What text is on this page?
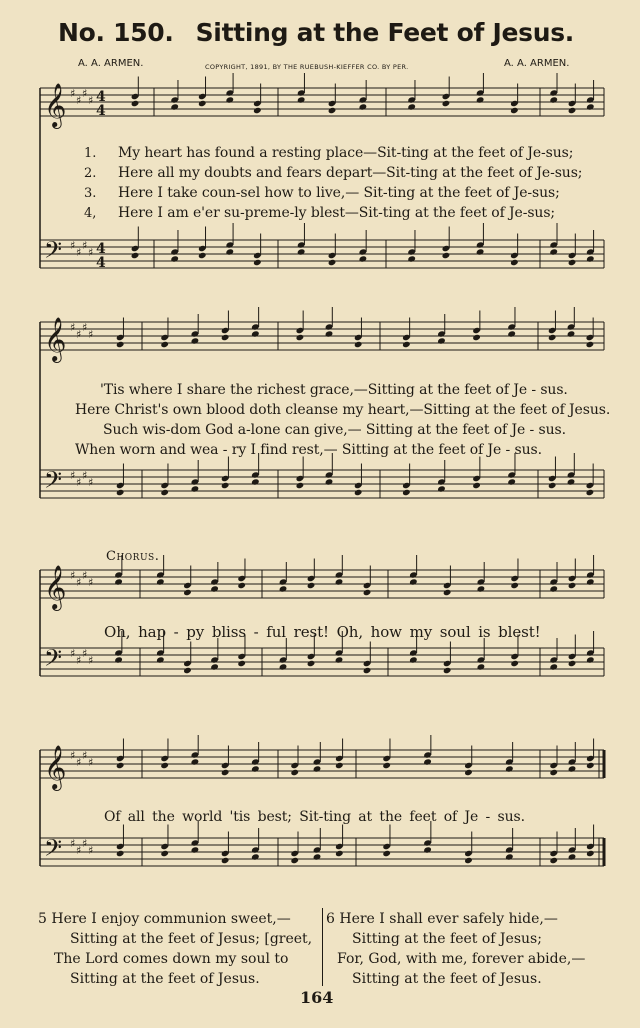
No. 150. Sitting at the Feet of Jesus.
A. A. ARMEN.	COPYRIGHT, 1891, BY THE RUEBUSH-KIEFFER CO. BY PER.	A. A. ARMEN.
𝄞 ♯
♯
♯
♯ 4
4
𝄢 ♯
♯
♯
♯ 4
4
𝄞 ♯
♯
♯
♯
𝄢 ♯
♯
♯
♯
𝄞 ♯
♯
♯
♯
𝄢 ♯
♯
♯
♯
𝄞 ♯
♯
♯
♯
𝄢 ♯
♯
♯
♯
1.
2.
3.
4,
My heart has found a resting place—Sit-ting at the feet of Je-sus;
Here all my doubts and fears depart—Sit-ting at the feet of Je-sus;
Here I take coun-sel how to live,— Sit-ting at the feet of Je-sus;
Here I am e'er su-preme-ly blest—Sit-ting at the feet of Je-sus;
'Tis where I share the richest grace,—Sitting at the feet of Je - sus.
Here Christ's own blood doth cleanse my heart,—Sitting at the feet of Jesus.
Such wis-dom God a-lone can give,— Sitting at the feet of Je - sus.
When worn and wea - ry I find rest,— Sitting at the feet of Je - sus.
Chorus.
Oh, hap - py bliss - ful rest! Oh, how my soul is blest!
Of all the world 'tis best; Sit-ting at the feet of Je - sus.
5 Here I enjoy communion sweet,—
Sitting at the feet of Jesus; [greet,
The Lord comes down my soul to
Sitting at the feet of Jesus.
6 Here I shall ever safely hide,—
Sitting at the feet of Jesus;
For, God, with me, forever abide,—
Sitting at the feet of Jesus.
164
